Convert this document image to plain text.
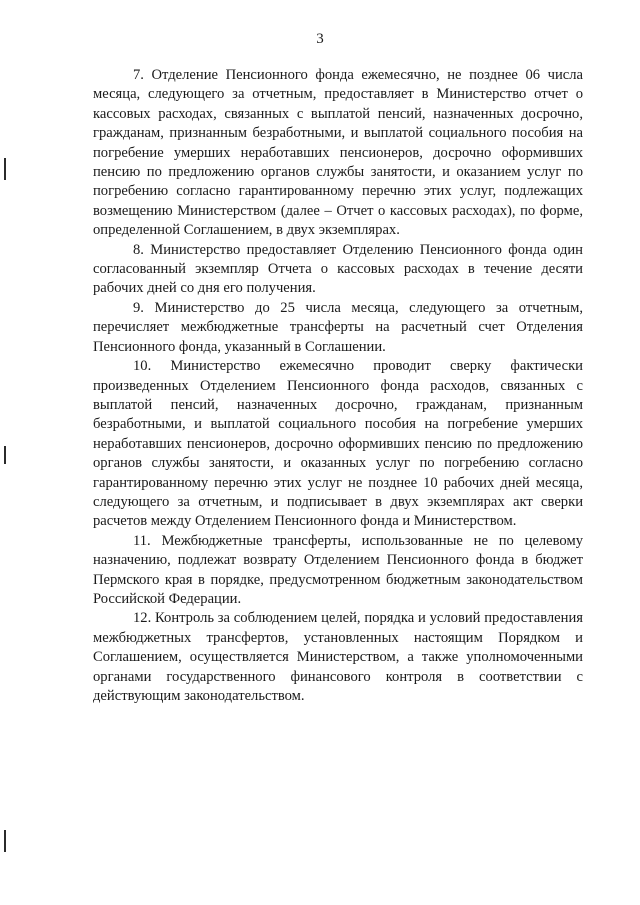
3

7. Отделение Пенсионного фонда ежемесячно, не позднее 06 числа месяца, следующего за отчетным, предоставляет в Министерство отчет о кассовых расходах, связанных с выплатой пенсий, назначенных досрочно, гражданам, признанным безработными, и выплатой социального пособия на погребение умерших неработавших пенсионеров, досрочно оформивших пенсию по предложению органов службы занятости, и оказанием услуг по погребению согласно гарантированному перечню этих услуг, подлежащих возмещению Министерством (далее – Отчет о кассовых расходах), по форме, определенной Соглашением, в двух экземплярах.

8. Министерство предоставляет Отделению Пенсионного фонда один согласованный экземпляр Отчета о кассовых расходах в течение десяти рабочих дней со дня его получения.

9. Министерство до 25 числа месяца, следующего за отчетным, перечисляет межбюджетные трансферты на расчетный счет Отделения Пенсионного фонда, указанный в Соглашении.

10. Министерство ежемесячно проводит сверку фактически произведенных Отделением Пенсионного фонда расходов, связанных с выплатой пенсий, назначенных досрочно, гражданам, признанным безработными, и выплатой социального пособия на погребение умерших неработавших пенсионеров, досрочно оформивших пенсию по предложению органов службы занятости, и оказанных услуг по погребению согласно гарантированному перечню этих услуг не позднее 10 рабочих дней месяца, следующего за отчетным, и подписывает в двух экземплярах акт сверки расчетов между Отделением Пенсионного фонда и Министерством.

11. Межбюджетные трансферты, использованные не по целевому назначению, подлежат возврату Отделением Пенсионного фонда в бюджет Пермского края в порядке, предусмотренном бюджетным законодательством Российской Федерации.

12. Контроль за соблюдением целей, порядка и условий предоставления межбюджетных трансфертов, установленных настоящим Порядком и Соглашением, осуществляется Министерством, а также уполномоченными органами государственного финансового контроля в соответствии с действующим законодательством.
